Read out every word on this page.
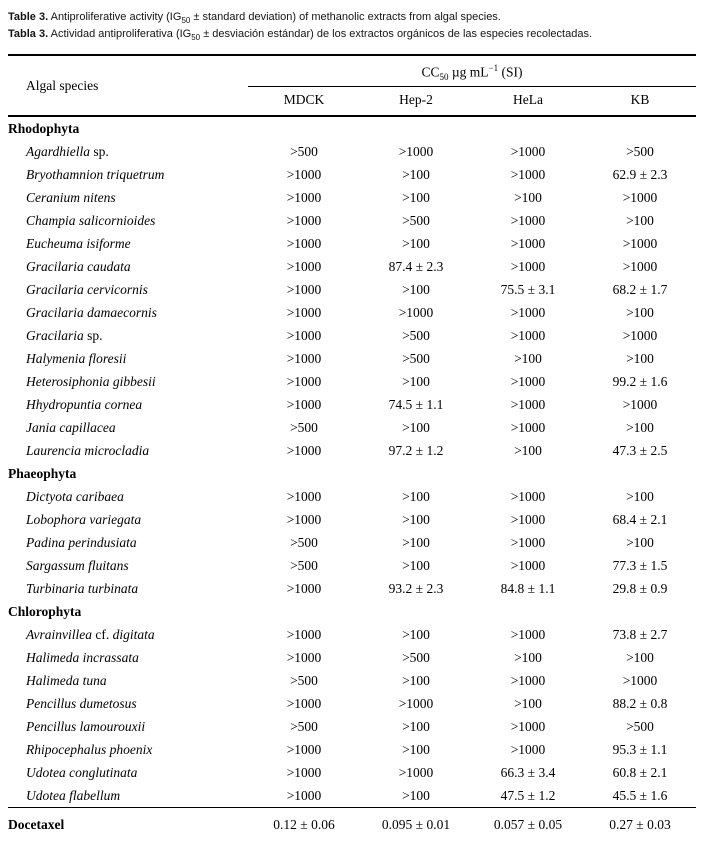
Table 3. Antiproliferative activity ($IG_{50}$ ± standard deviation) of methanolic extracts from algal species.

Tabla 3. Actividad antiproliferativa ($IG_{50}$ ± desviación estándar) de los extractos orgánicos de las especies recolectadas.

Algal species	$CC_{50}$ µg $mL^{-1}$ (SI)			
	MDCK	Hep-2	HeLa	KB
Rhodophyta				
Agardhiella sp.	>500	>1000	>1000	>500
Bryothamnion triquetrum	>1000	>100	>1000	62.9 ± 2.3
Ceranium nitens	>1000	>100	>100	>1000
Champia salicornioides	>1000	>500	>1000	>100
Eucheuma isiforme	>1000	>100	>1000	>1000
Gracilaria caudata	>1000	87.4 ± 2.3	>1000	>1000
Gracilaria cervicornis	>1000	>100	75.5 ± 3.1	68.2 ± 1.7
Gracilaria damaecornis	>1000	>1000	>1000	>100
Gracilaria sp.	>1000	>500	>1000	>1000
Halymenia floresii	>1000	>500	>100	>100
Heterosiphonia gibbesii	>1000	>100	>1000	99.2 ± 1.6
Hhydropuntia cornea	>1000	74.5 ± 1.1	>1000	>1000
Jania capillacea	>500	>100	>1000	>100
Laurencia microcladia	>1000	97.2 ± 1.2	>100	47.3 ± 2.5
Phaeophyta				
Dictyota caribaea	>1000	>100	>1000	>100
Lobophora variegata	>1000	>100	>1000	68.4 ± 2.1
Padina perindusiata	>500	>100	>1000	>100
Sargassum fluitans	>500	>100	>1000	77.3 ± 1.5
Turbinaria turbinata	>1000	93.2 ± 2.3	84.8 ± 1.1	29.8 ± 0.9
Chlorophyta				
Avrainvillea cf. digitata	>1000	>100	>1000	73.8 ± 2.7
Halimeda incrassata	>1000	>500	>100	>100
Halimeda tuna	>500	>100	>1000	>1000
Pencillus dumetosus	>1000	>1000	>100	88.2 ± 0.8
Pencillus lamourouxii	>500	>100	>1000	>500
Rhipocephalus phoenix	>1000	>100	>1000	95.3 ± 1.1
Udotea conglutinata	>1000	>1000	66.3 ± 3.4	60.8 ± 2.1
Udotea flabellum	>1000	>100	47.5 ± 1.2	45.5 ± 1.6
Docetaxel	0.12 ± 0.06	0.095 ± 0.01	0.057 ± 0.05	0.27 ± 0.03
